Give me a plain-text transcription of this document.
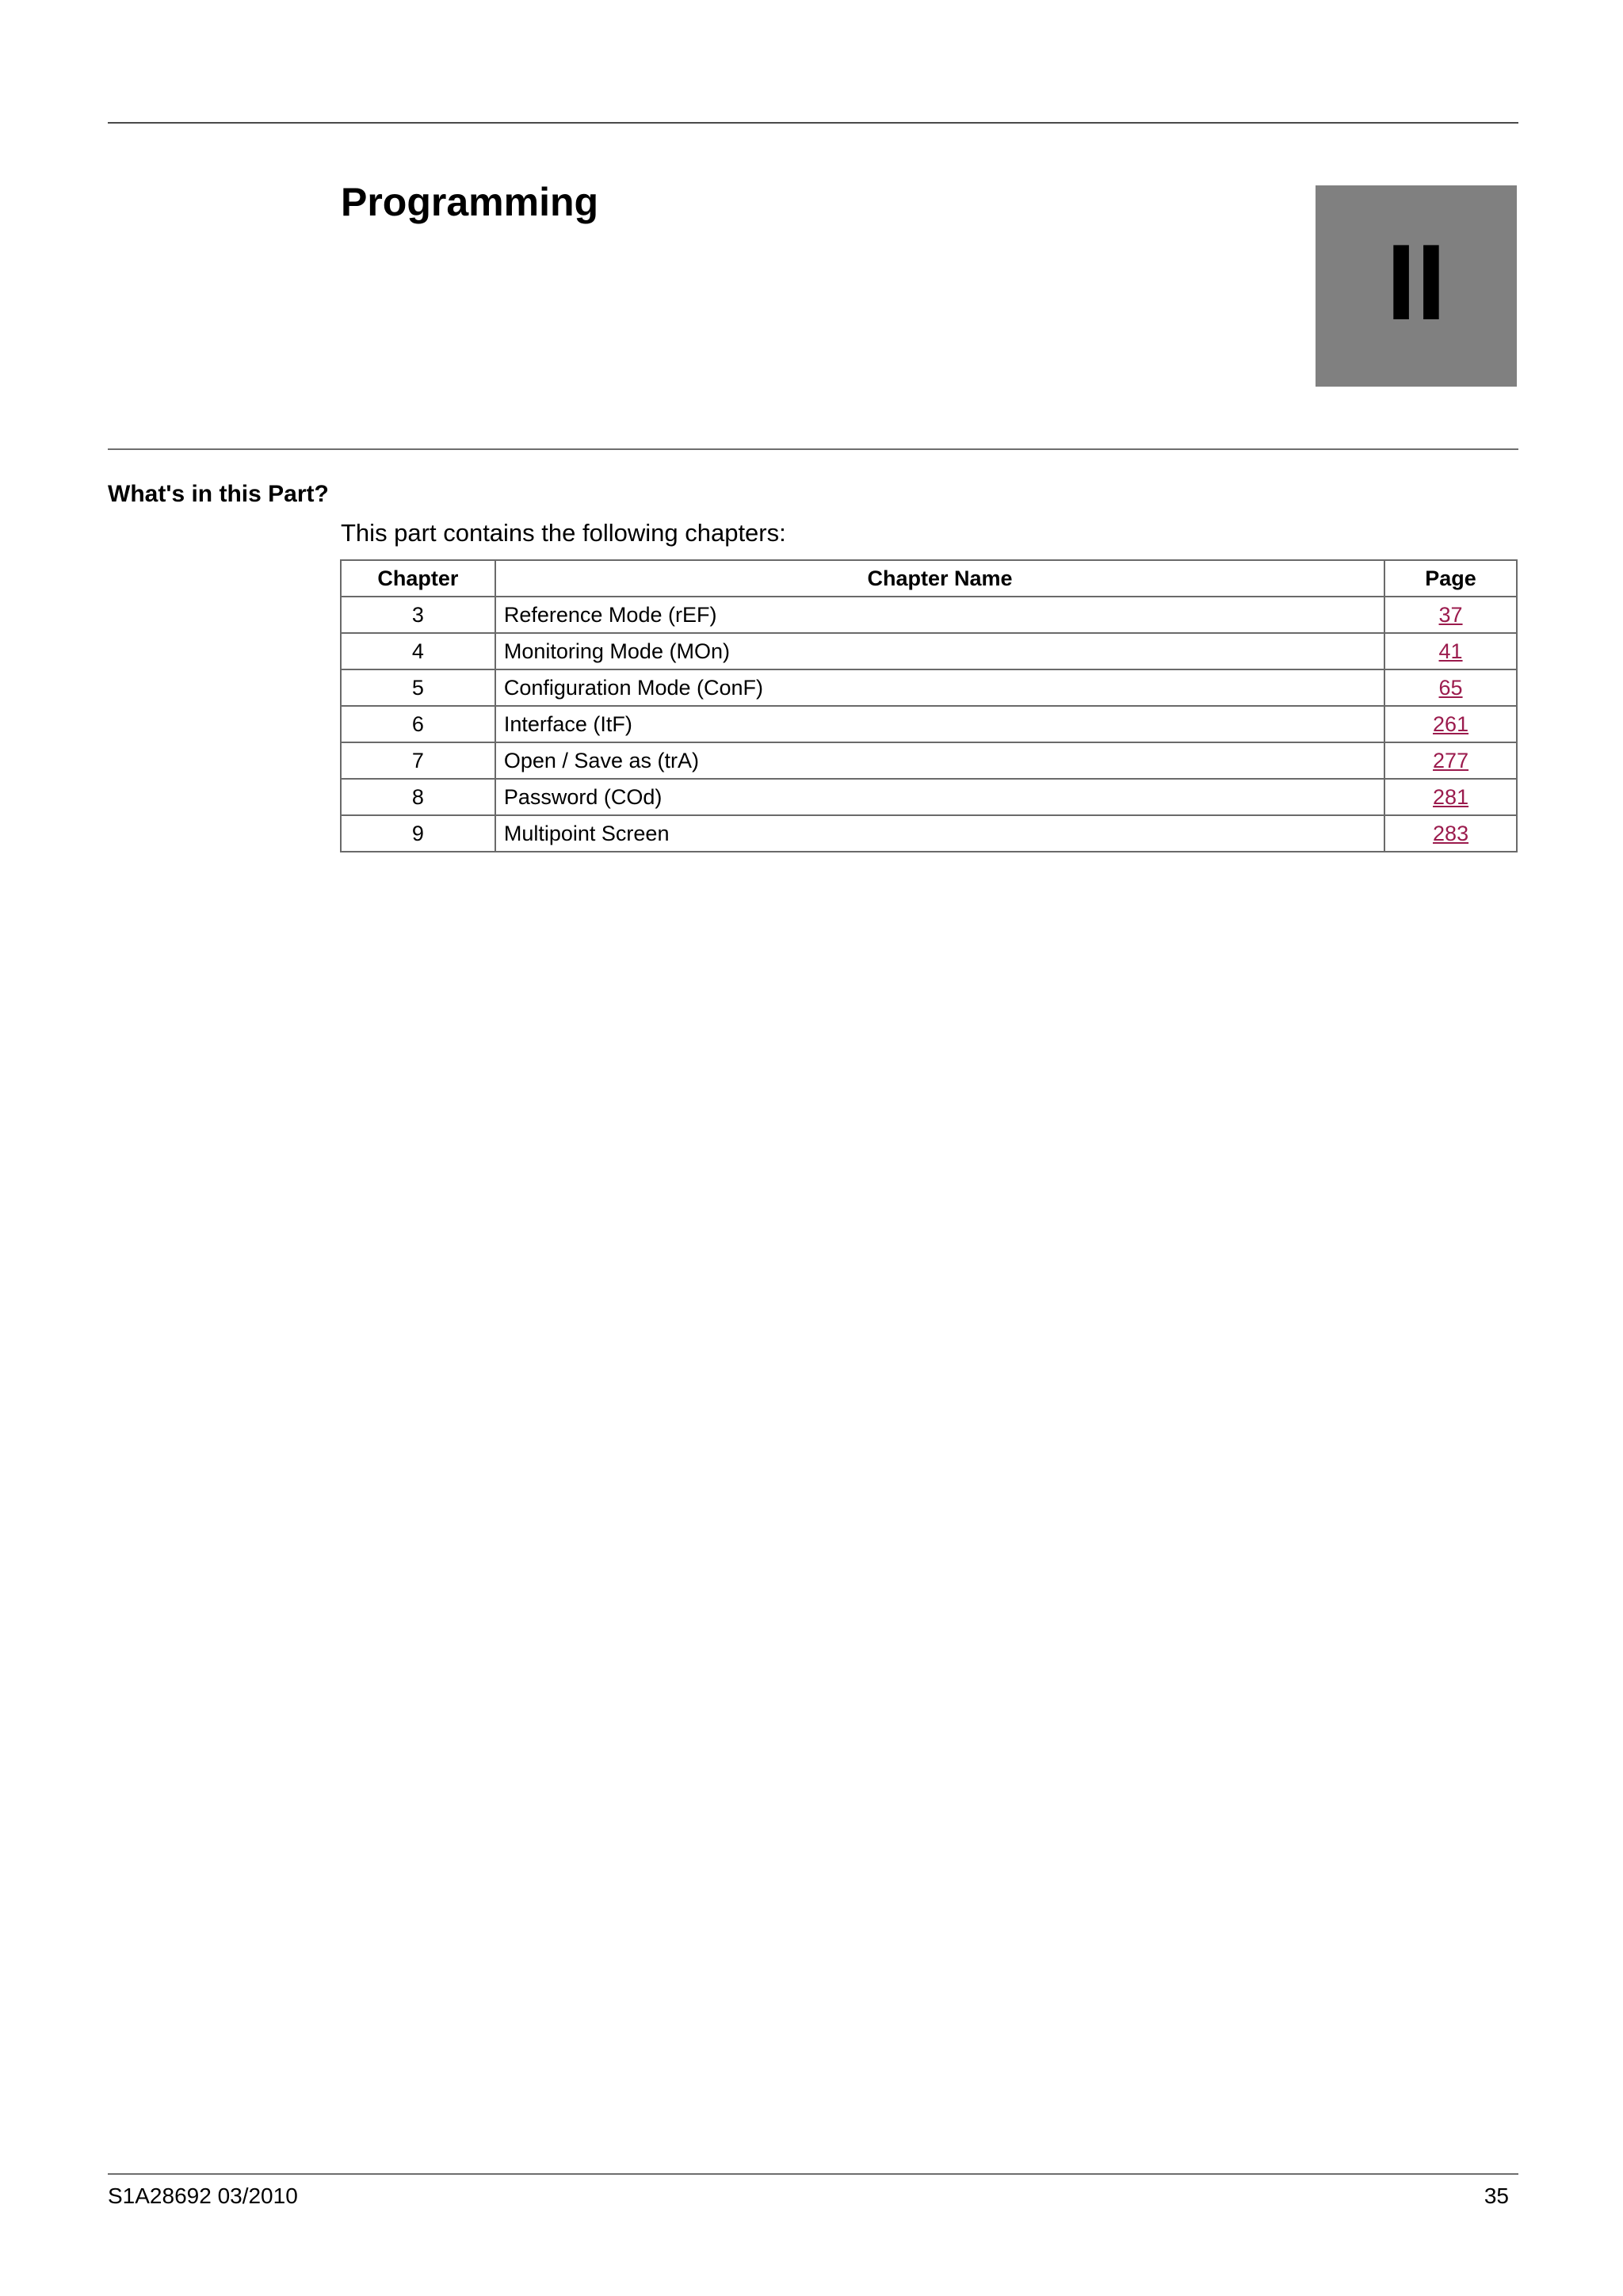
Programming
II
What's in this Part?

This part contains the following chapters:

Chapter	Chapter Name	Page
3	Reference Mode (rEF)	37
4	Monitoring Mode (MOn)	41
5	Configuration Mode (ConF)	65
6	Interface (ItF)	261
7	Open / Save as (trA)	277
8	Password (COd)	281
9	Multipoint Screen	283

S1A28692 03/2010	35
